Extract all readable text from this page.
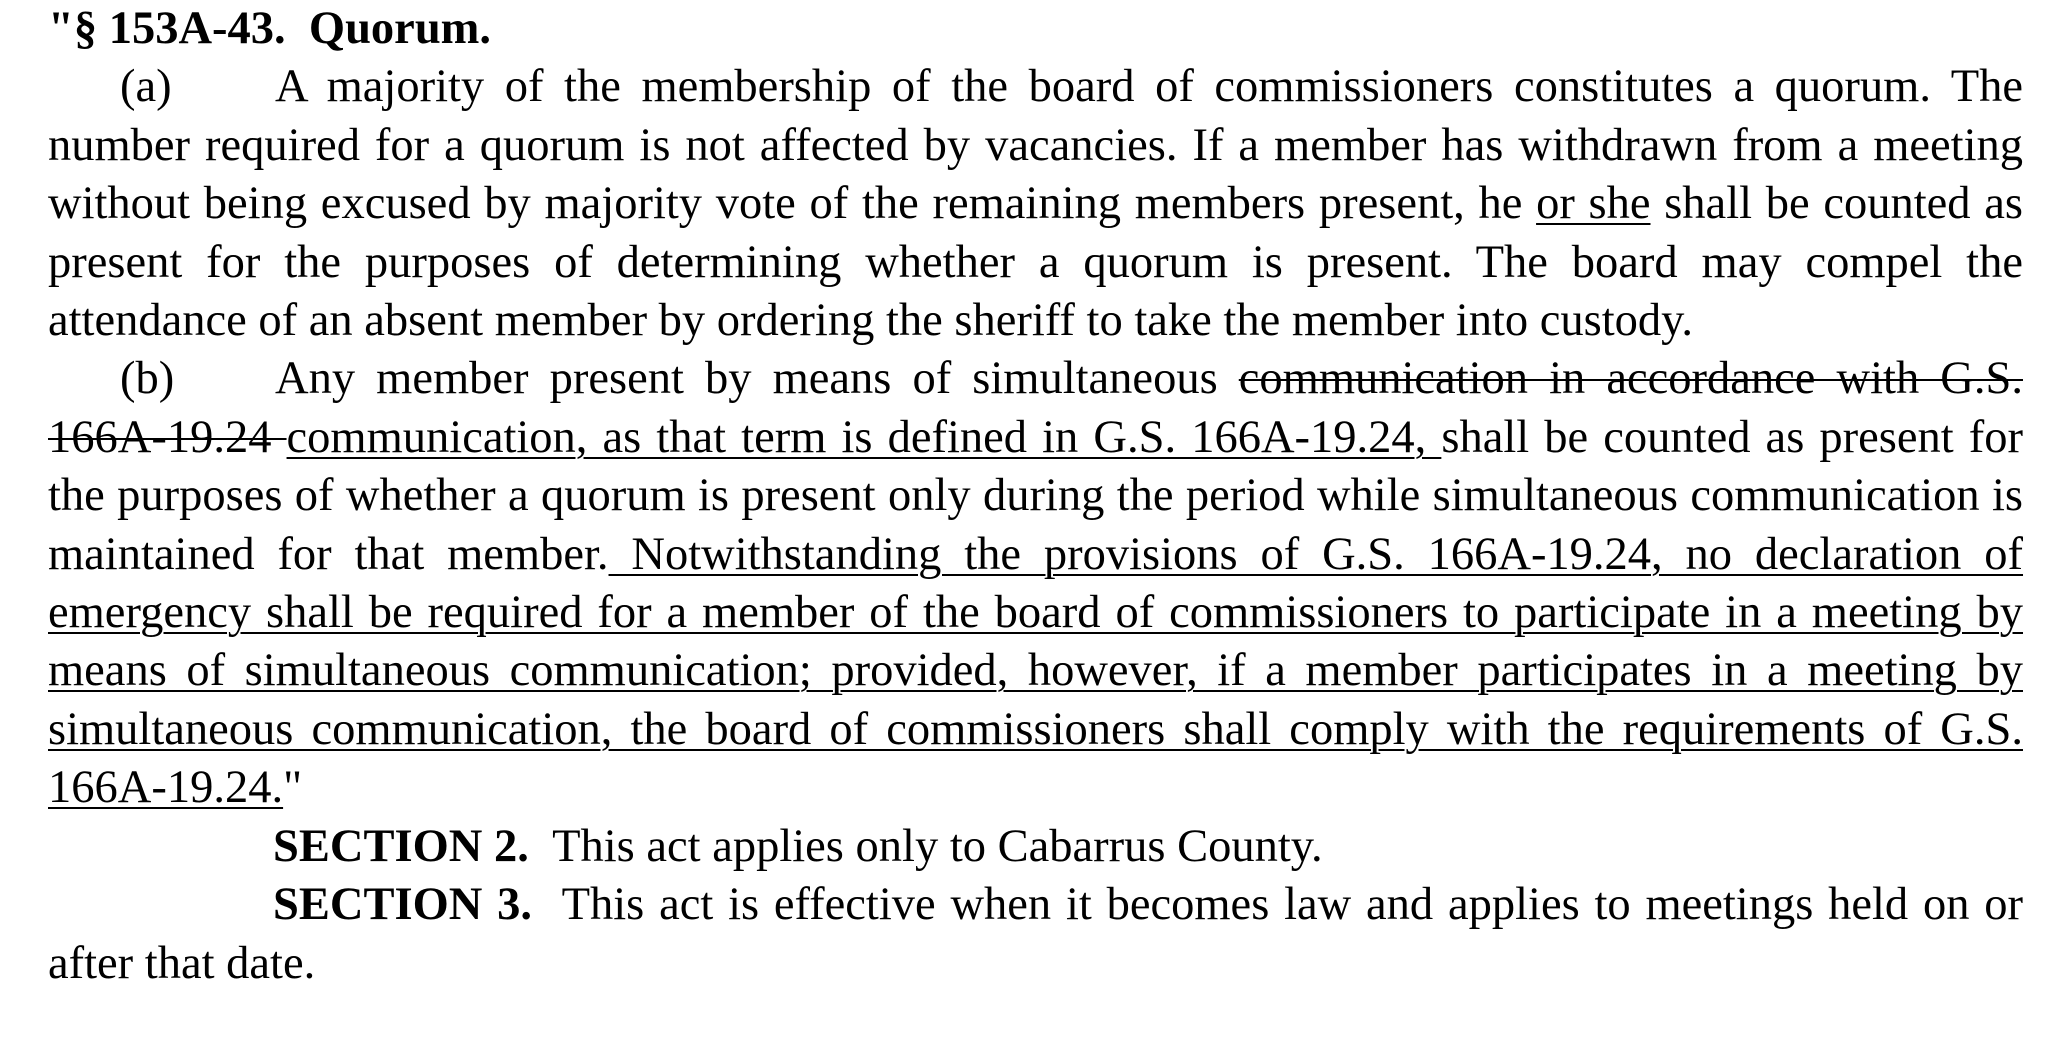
"§ 153A-43. Quorum.

(a) A majority of the membership of the board of commissioners constitutes a quorum. The number required for a quorum is not affected by vacancies. If a member has withdrawn from a meeting without being excused by majority vote of the remaining members present, he or she shall be counted as present for the purposes of determining whether a quorum is present. The board may compel the attendance of an absent member by ordering the sheriff to take the member into custody.

(b) Any member present by means of simultaneous communication in accordance with G.S. 166A-19.24 communication, as that term is defined in G.S. 166A-19.24, shall be counted as present for the purposes of whether a quorum is present only during the period while simultaneous communication is maintained for that member. Notwithstanding the provisions of G.S. 166A-19.24, no declaration of emergency shall be required for a member of the board of commissioners to participate in a meeting by means of simultaneous communication; provided, however, if a member participates in a meeting by simultaneous communication, the board of commissioners shall comply with the requirements of G.S. 166A-19.24."

SECTION 2. This act applies only to Cabarrus County.

SECTION 3. This act is effective when it becomes law and applies to meetings held on or after that date.
